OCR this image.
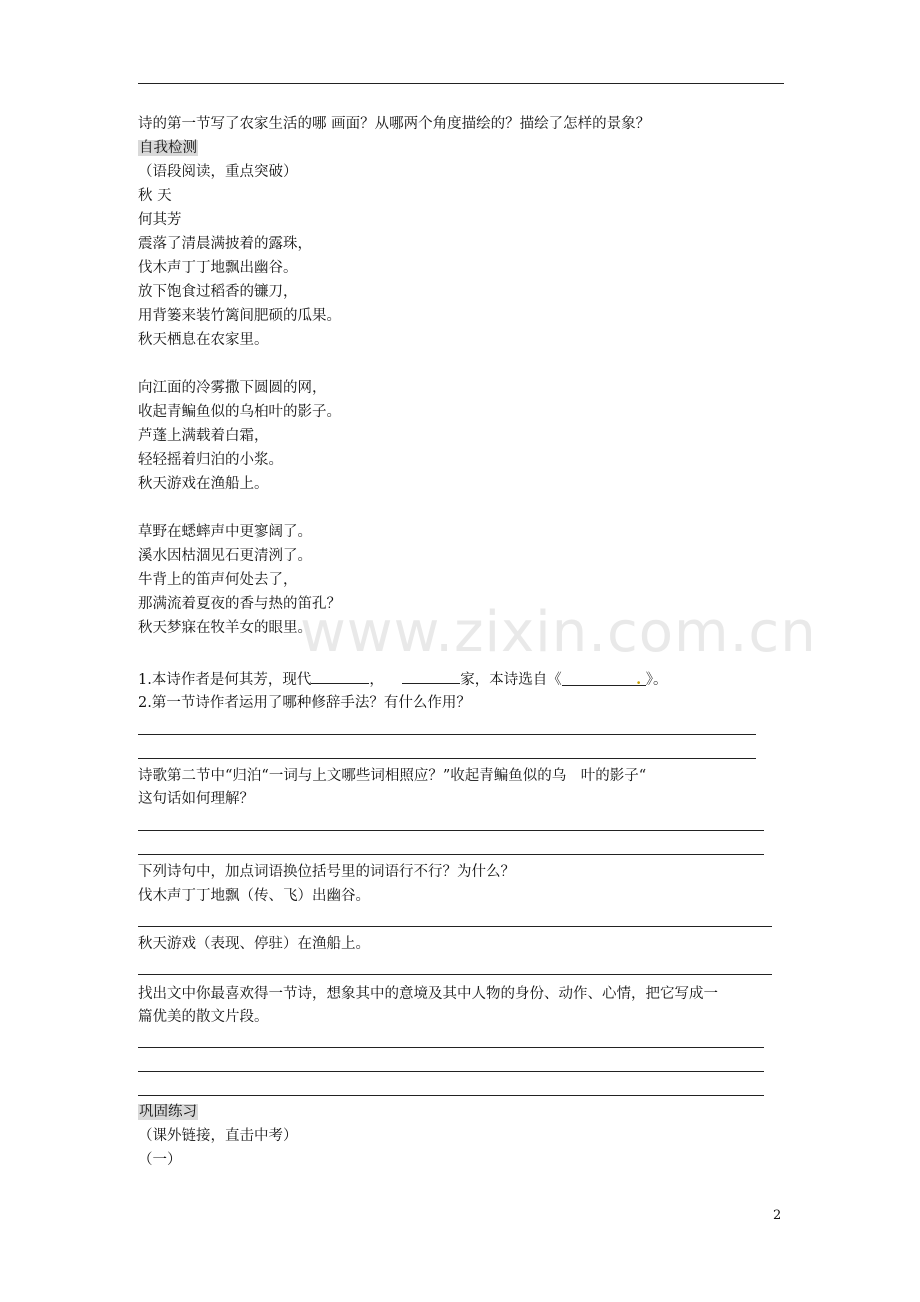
www.zixin.com.cn
诗的第一节写了农家生活的哪 画面？从哪两个角度描绘的？描绘了怎样的景象？
自我检测
（语段阅读，重点突破）
秋 天
何其芳
震落了清晨满披着的露珠，
伐木声丁丁地飘出幽谷。
放下饱食过稻香的镰刀，
用背篓来装竹篱间肥硕的瓜果。
秋天栖息在农家里。
向江面的冷雾撒下圆圆的网，
收起青鳊鱼似的乌桕叶的影子。
芦蓬上满载着白霜，
轻轻摇着归泊的小浆。
秋天游戏在渔船上。
草野在蟋蟀声中更寥阔了。
溪水因枯涸见石更清洌了。
牛背上的笛声何处去了，
那满流着夏夜的香与热的笛孔？
秋天梦寐在牧羊女的眼里。
1.本诗作者是何其芳，现代	，	家，本诗选自《	. 》。
2.第一节诗作者运用了哪种修辞手法？有什么作用？
诗歌第二节中“归泊“一词与上文哪些词相照应？”收起青鳊鱼似的乌　叶的影子“
这句话如何理解？
下列诗句中，加点词语换位括号里的词语行不行？为什么？
伐木声丁丁地飘（传、飞）出幽谷。
秋天游戏（表现、停驻）在渔船上。
找出文中你最喜欢得一节诗，想象其中的意境及其中人物的身份、动作、心情，把它写成一
篇优美的散文片段。
巩固练习
（课外链接，直击中考）
（一）
2
